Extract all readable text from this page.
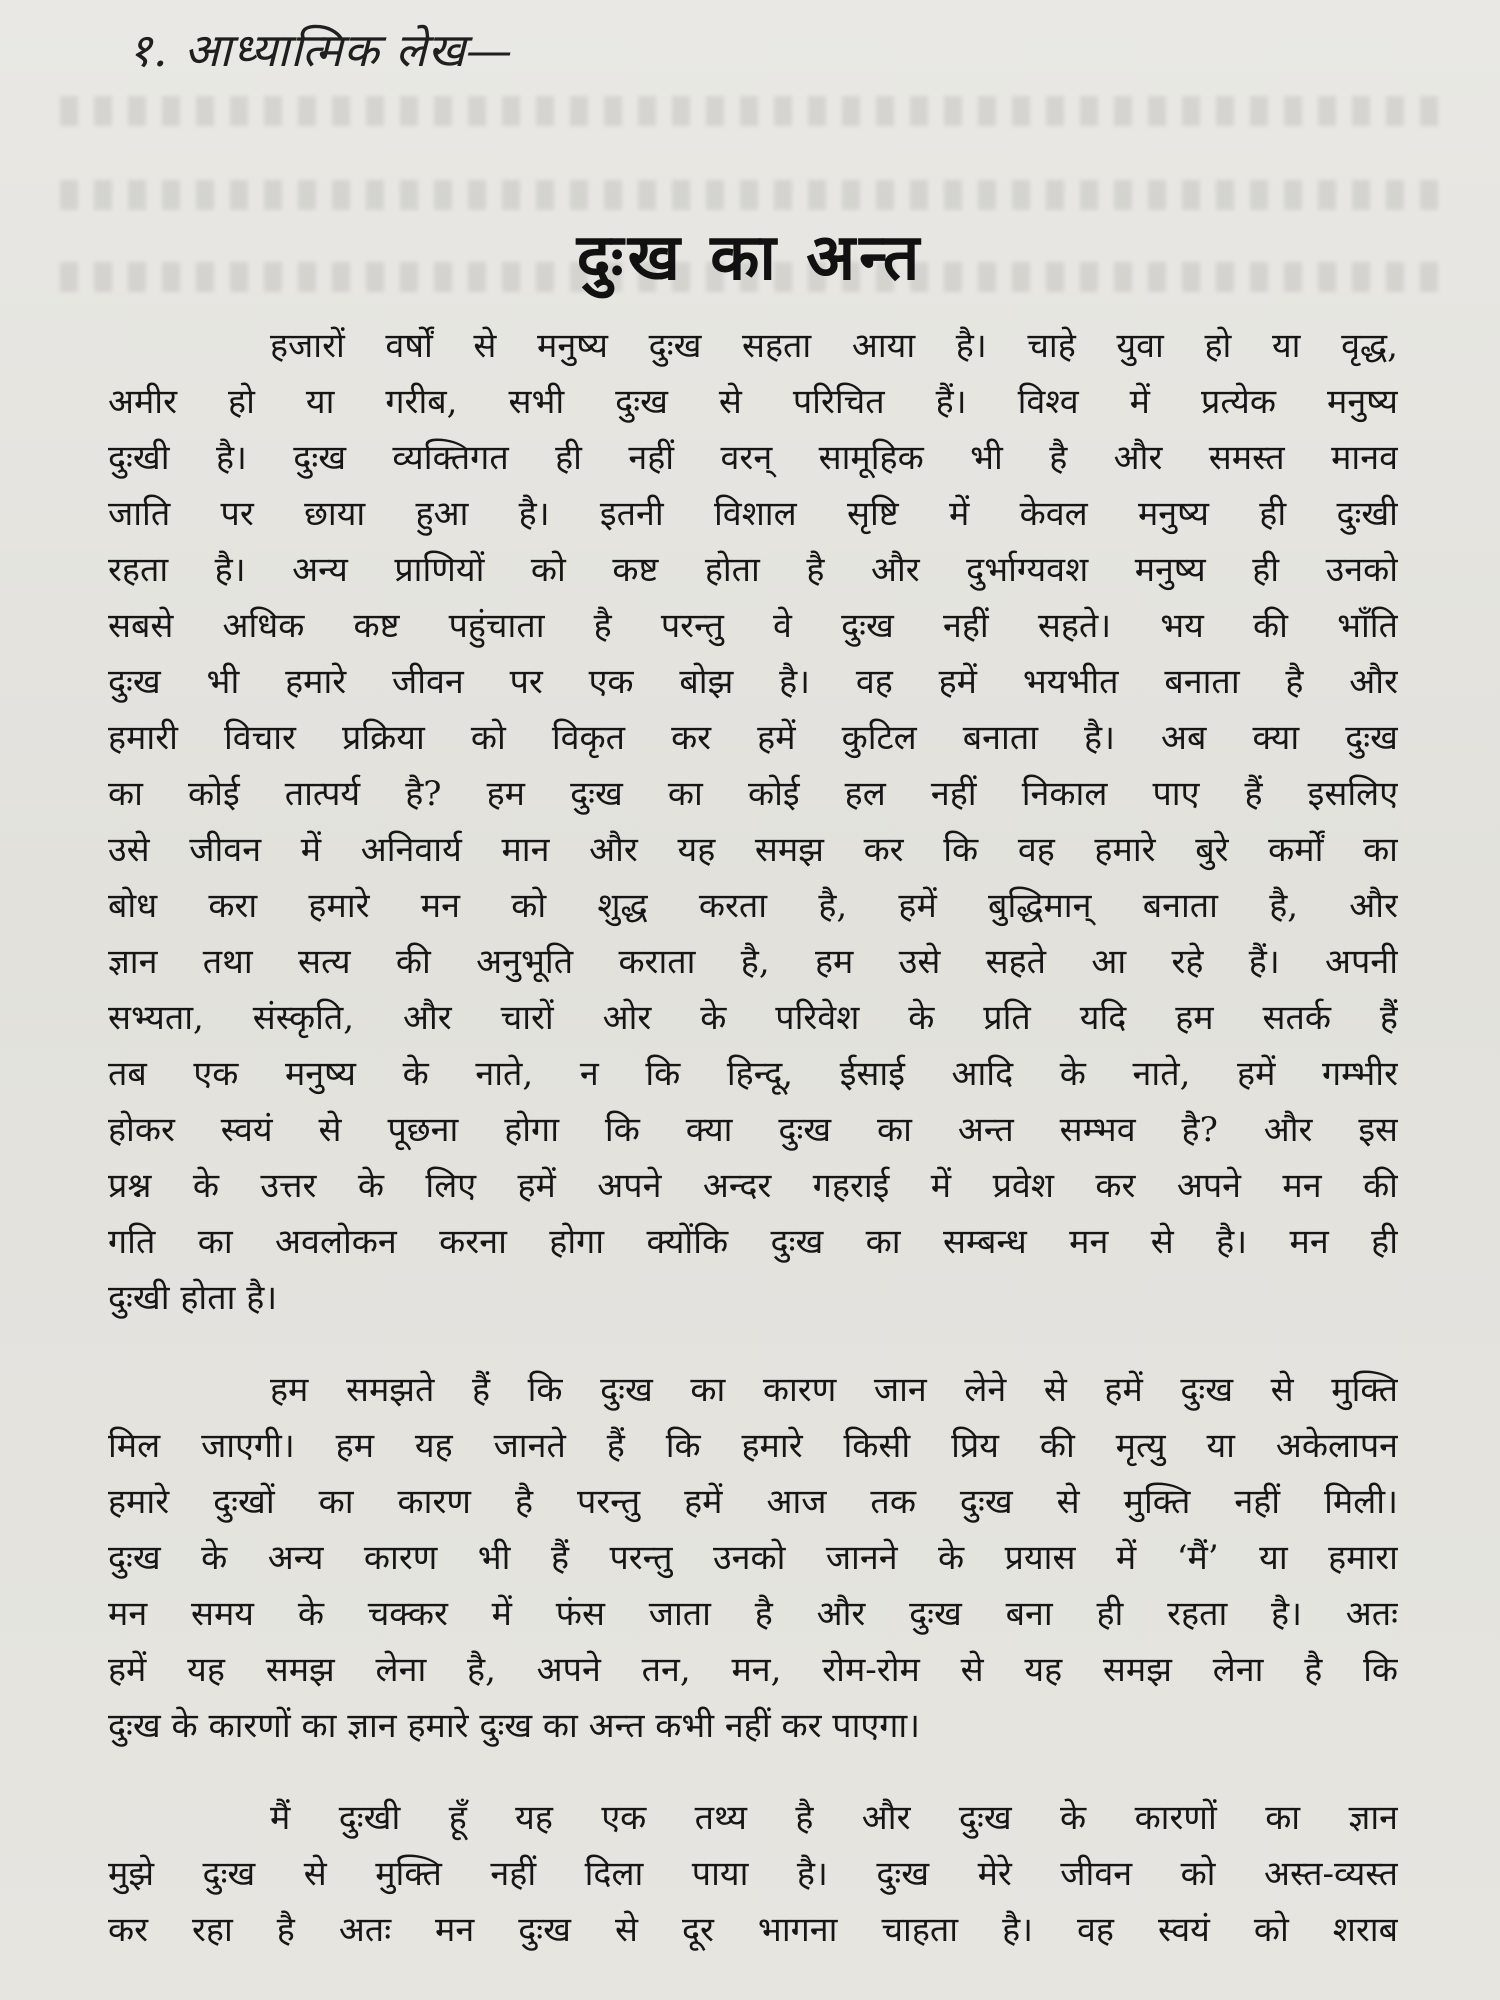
१. आध्यात्मिक लेख—
दुःख का अन्त

हजारों वर्षों से मनुष्य दुःख सहता आया है। चाहे युवा हो या वृद्ध,
अमीर हो या गरीब, सभी दुःख से परिचित हैं। विश्व में प्रत्येक मनुष्य
दुःखी है। दुःख व्यक्तिगत ही नहीं वरन् सामूहिक भी है और समस्त मानव
जाति पर छाया हुआ है। इतनी विशाल सृष्टि में केवल मनुष्य ही दुःखी
रहता है। अन्य प्राणियों को कष्ट होता है और दुर्भाग्यवश मनुष्य ही उनको
सबसे अधिक कष्ट पहुंचाता है परन्तु वे दुःख नहीं सहते। भय की भाँति
दुःख भी हमारे जीवन पर एक बोझ है। वह हमें भयभीत बनाता है और
हमारी विचार प्रक्रिया को विकृत कर हमें कुटिल बनाता है। अब क्या दुःख
का कोई तात्पर्य है? हम दुःख का कोई हल नहीं निकाल पाए हैं इसलिए
उसे जीवन में अनिवार्य मान और यह समझ कर कि वह हमारे बुरे कर्मों का
बोध करा हमारे मन को शुद्ध करता है, हमें बुद्धिमान् बनाता है, और
ज्ञान तथा सत्य की अनुभूति कराता है, हम उसे सहते आ रहे हैं। अपनी
सभ्यता, संस्कृति, और चारों ओर के परिवेश के प्रति यदि हम सतर्क हैं
तब एक मनुष्य के नाते, न कि हिन्दू, ईसाई आदि के नाते, हमें गम्भीर
होकर स्वयं से पूछना होगा कि क्या दुःख का अन्त सम्भव है? और इस
प्रश्न के उत्तर के लिए हमें अपने अन्दर गहराई में प्रवेश कर अपने मन की
गति का अवलोकन करना होगा क्योंकि दुःख का सम्बन्ध मन से है। मन ही
दुःखी होता है।

हम समझते हैं कि दुःख का कारण जान लेने से हमें दुःख से मुक्ति
मिल जाएगी। हम यह जानते हैं कि हमारे किसी प्रिय की मृत्यु या अकेलापन
हमारे दुःखों का कारण है परन्तु हमें आज तक दुःख से मुक्ति नहीं मिली।
दुःख के अन्य कारण भी हैं परन्तु उनको जानने के प्रयास में ‘मैं’ या हमारा
मन समय के चक्कर में फंस जाता है और दुःख बना ही रहता है। अतः
हमें यह समझ लेना है, अपने तन, मन, रोम-रोम से यह समझ लेना है कि
दुःख के कारणों का ज्ञान हमारे दुःख का अन्त कभी नहीं कर पाएगा।

मैं दुःखी हूँ यह एक तथ्य है और दुःख के कारणों का ज्ञान
मुझे दुःख से मुक्ति नहीं दिला पाया है। दुःख मेरे जीवन को अस्त-व्यस्त
कर रहा है अतः मन दुःख से दूर भागना चाहता है। वह स्वयं को शराब
